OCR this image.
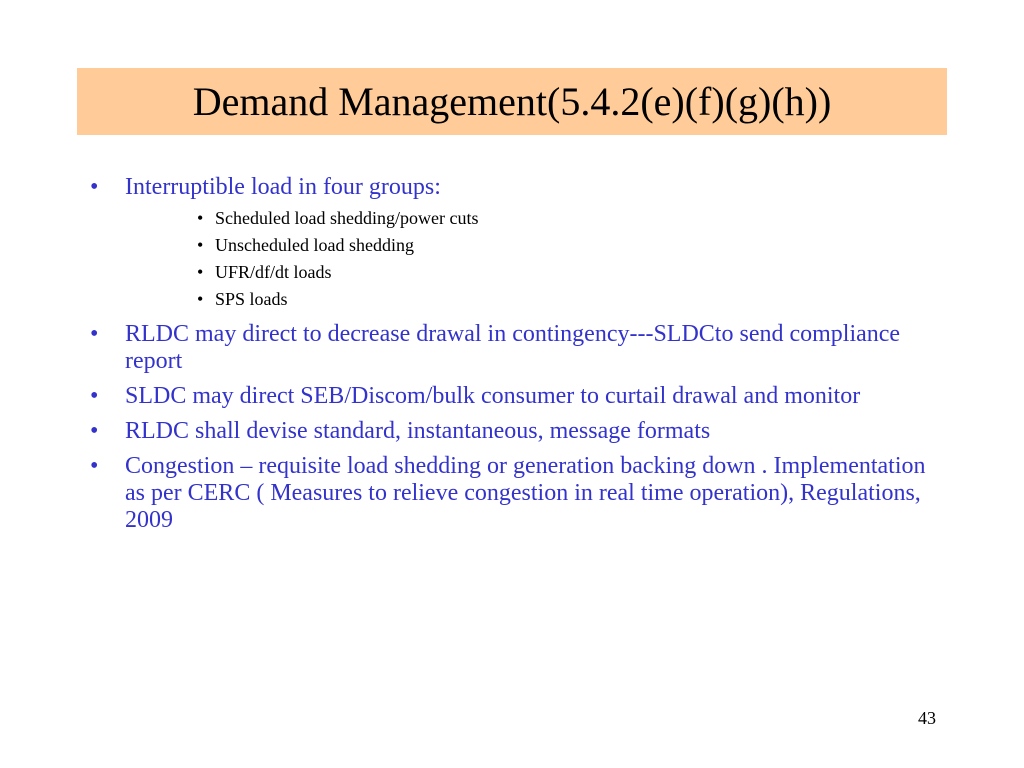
Demand Management(5.4.2(e)(f)(g)(h))
• Interruptible load in four groups:
• Scheduled load shedding/power cuts
• Unscheduled load shedding
• UFR/df/dt loads
• SPS loads
• RLDC may direct to decrease drawal in contingency---SLDCto send compliance report
• SLDC may direct SEB/Discom/bulk consumer to curtail drawal and monitor
• RLDC shall devise standard, instantaneous, message formats
• Congestion – requisite load shedding or generation backing down . Implementation as per CERC ( Measures to relieve congestion in real time operation), Regulations, 2009
43
